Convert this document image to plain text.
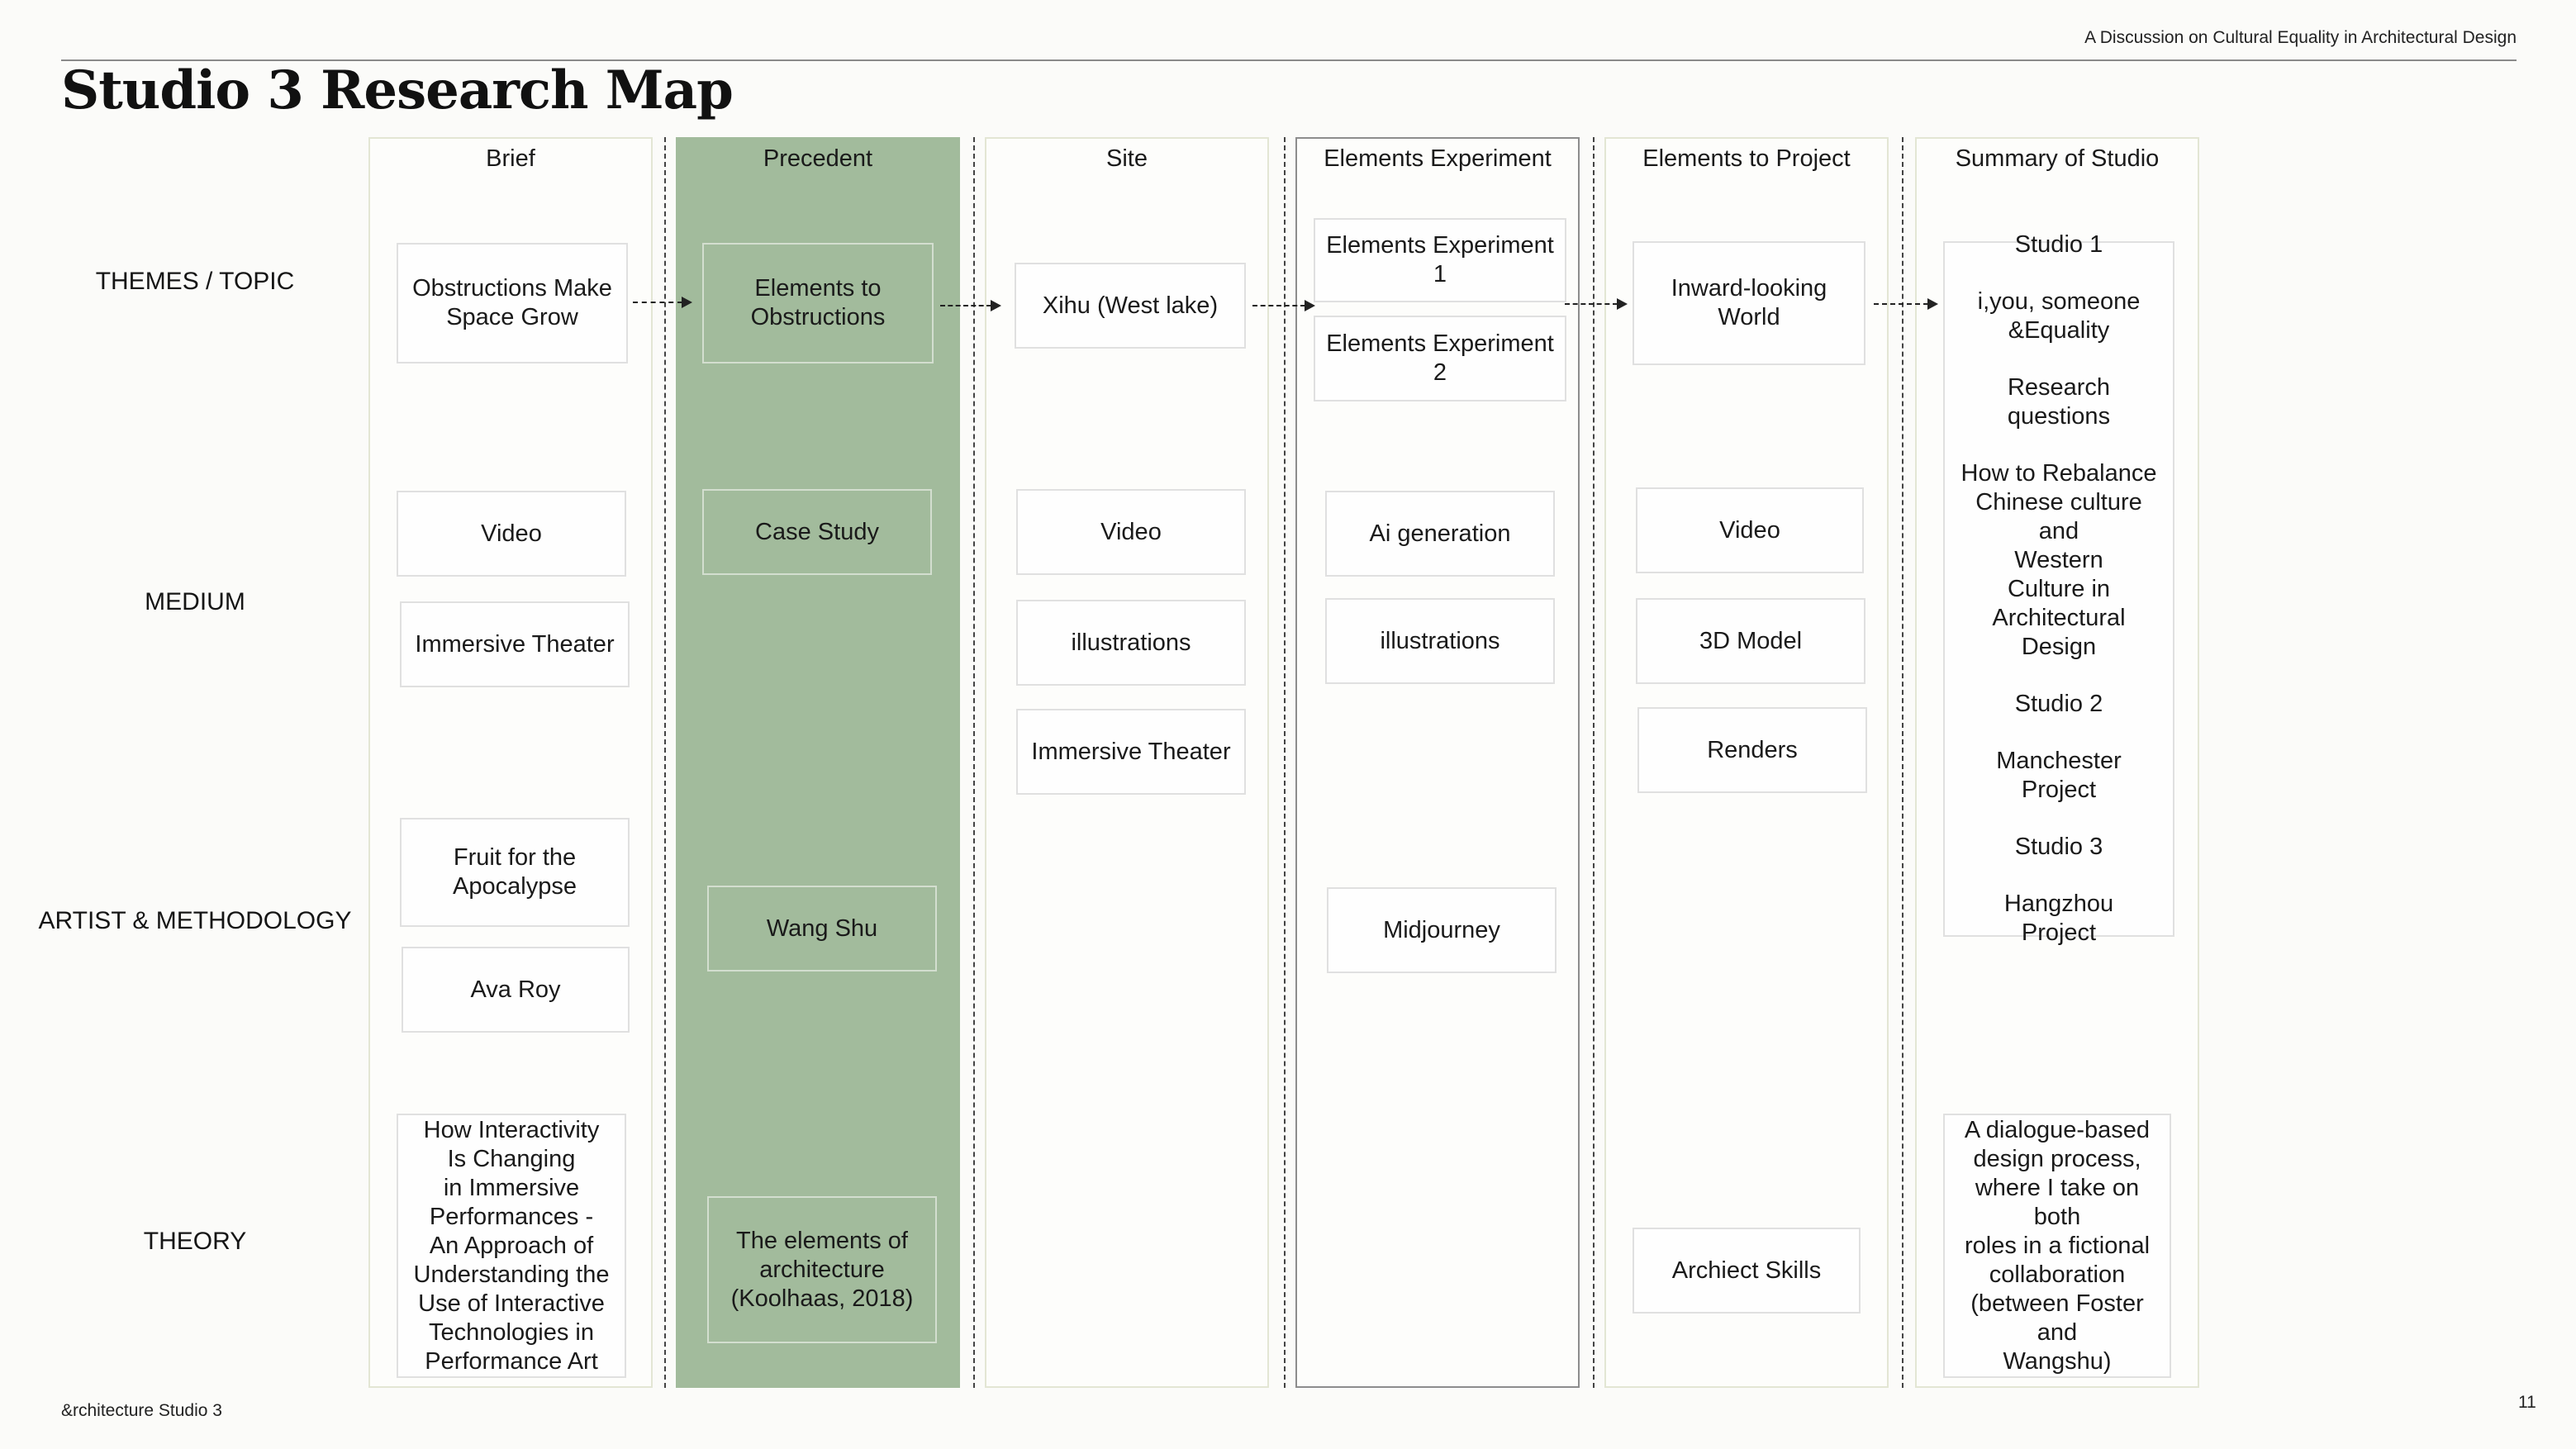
A Discussion on Cultural Equality in Architectural Design
Studio 3 Research Map
THEMES / TOPIC
MEDIUM
ARTIST & METHODOLOGY
THEORY
Brief
Obstructions Make
Space Grow
Video
Immersive Theater
Fruit for the
Apocalypse
Ava Roy
How Interactivity
Is Changing
in Immersive
Performances -
An Approach of
Understanding the
Use of Interactive
Technologies in
Performance Art
Precedent
Elements to
Obstructions
Case Study
Wang Shu
The elements of
architecture
(Koolhaas, 2018)
Site
Xihu (West lake)
Video
illustrations
Immersive Theater
Elements Experiment
Elements Experiment 1
Elements Experiment 2
Ai generation
illustrations
Midjourney
Elements to Project
Inward-looking
World
Video
3D Model
Renders
Archiect Skills
Summary of Studio
Studio 1
i,you, someone
&Equality
Research questions
How to Rebalance
Chinese culture and
Western
Culture in
Architectural Design
Studio 2
Manchester
Project
Studio 3
Hangzhou
Project
A dialogue-based
design process,
where I take on both
roles in a fictional
collaboration
(between Foster and
Wangshu)
&rchitecture Studio 3	11
